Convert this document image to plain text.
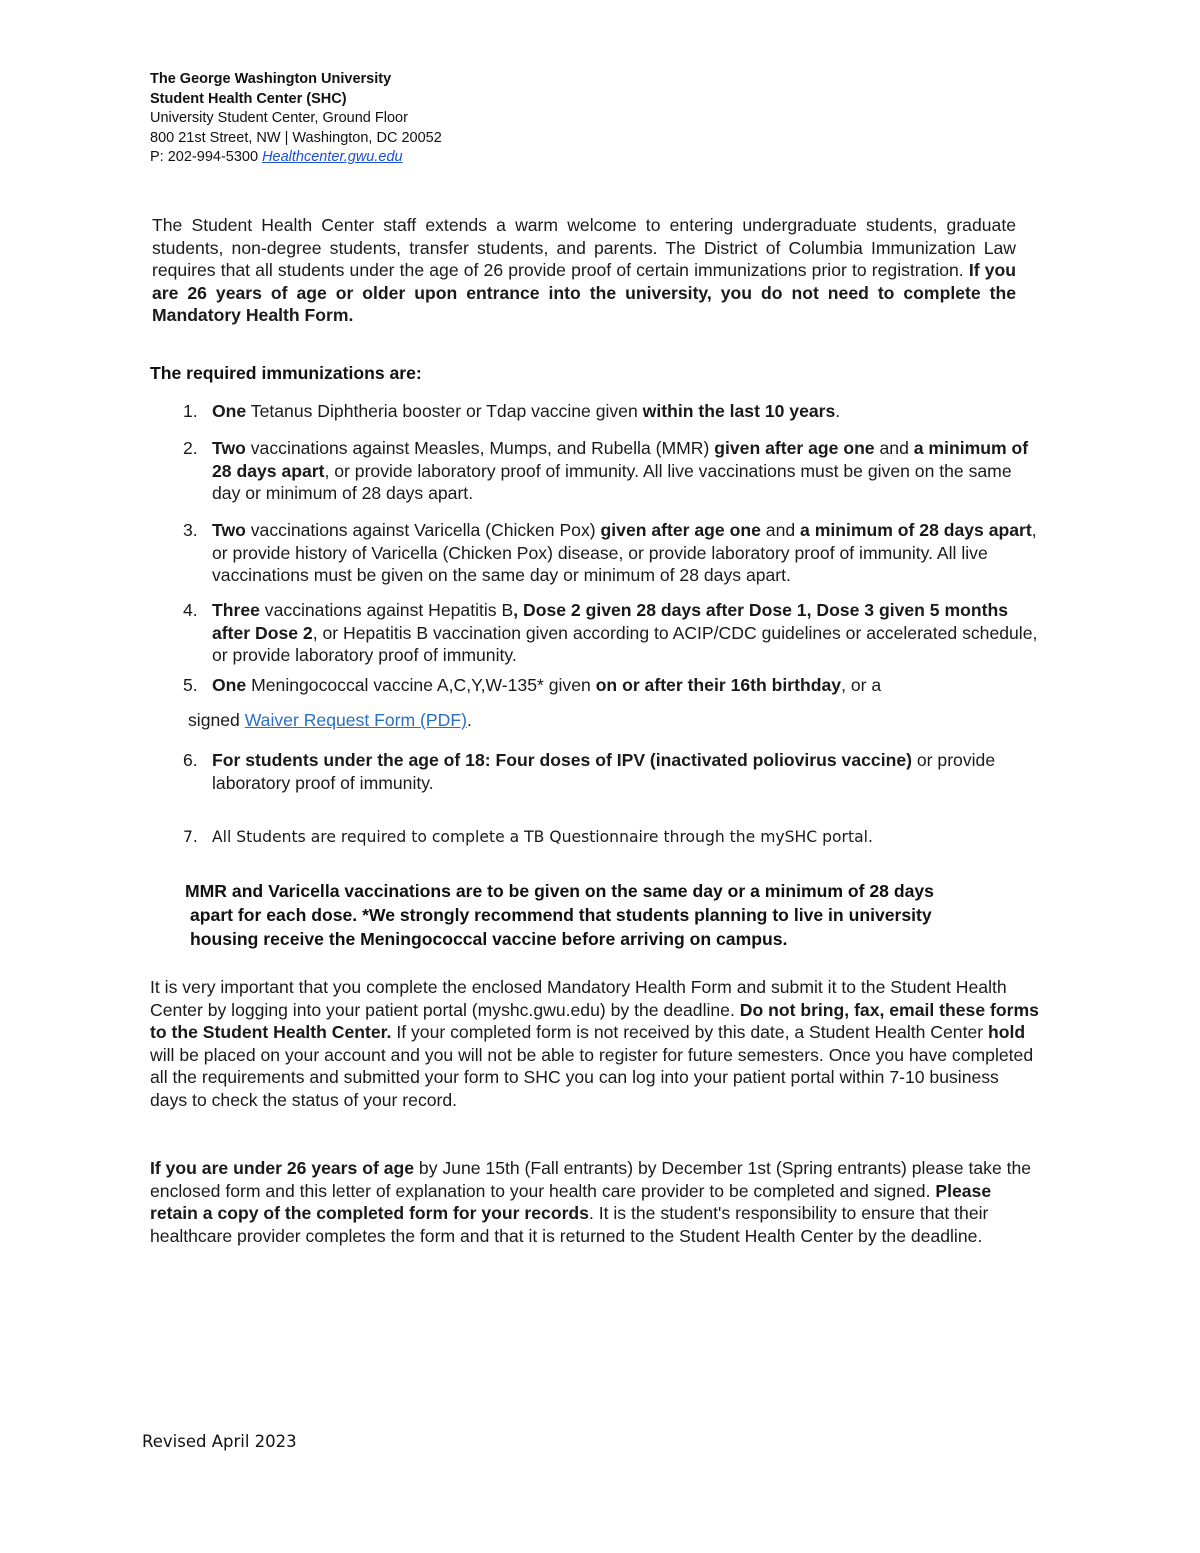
The George Washington University
Student Health Center (SHC)
University Student Center, Ground Floor
800 21st Street, NW | Washington, DC 20052
P: 202-994-5300 Healthcenter.gwu.edu
The Student Health Center staff extends a warm welcome to entering undergraduate students, graduate students, non-degree students, transfer students, and parents. The District of Columbia Immunization Law requires that all students under the age of 26 provide proof of certain immunizations prior to registration. If you are 26 years of age or older upon entrance into the university, you do not need to complete the Mandatory Health Form.
The required immunizations are:
1. One Tetanus Diphtheria booster or Tdap vaccine given within the last 10 years.
2. Two vaccinations against Measles, Mumps, and Rubella (MMR) given after age one and a minimum of 28 days apart, or provide laboratory proof of immunity. All live vaccinations must be given on the same day or minimum of 28 days apart.
3. Two vaccinations against Varicella (Chicken Pox) given after age one and a minimum of 28 days apart, or provide history of Varicella (Chicken Pox) disease, or provide laboratory proof of immunity. All live vaccinations must be given on the same day or minimum of 28 days apart.
4. Three vaccinations against Hepatitis B, Dose 2 given 28 days after Dose 1, Dose 3 given 5 months after Dose 2, or Hepatitis B vaccination given according to ACIP/CDC guidelines or accelerated schedule, or provide laboratory proof of immunity.
5. One Meningococcal vaccine A,C,Y,W-135* given on or after their 16th birthday, or a
signed Waiver Request Form (PDF).
6. For students under the age of 18: Four doses of IPV (inactivated poliovirus vaccine) or provide laboratory proof of immunity.
7. All Students are required to complete a TB Questionnaire through the mySHC portal.
MMR and Varicella vaccinations are to be given on the same day or a minimum of 28 days
apart for each dose. *We strongly recommend that students planning to live in university
housing receive the Meningococcal vaccine before arriving on campus.
It is very important that you complete the enclosed Mandatory Health Form and submit it to the Student Health Center by logging into your patient portal (myshc.gwu.edu) by the deadline. Do not bring, fax, email these forms to the Student Health Center. If your completed form is not received by this date, a Student Health Center hold will be placed on your account and you will not be able to register for future semesters. Once you have completed all the requirements and submitted your form to SHC you can log into your patient portal within 7-10 business days to check the status of your record.
If you are under 26 years of age by June 15th (Fall entrants) by December 1st (Spring entrants) please take the enclosed form and this letter of explanation to your health care provider to be completed and signed. Please retain a copy of the completed form for your records. It is the student's responsibility to ensure that their healthcare provider completes the form and that it is returned to the Student Health Center by the deadline.
Revised April 2023
